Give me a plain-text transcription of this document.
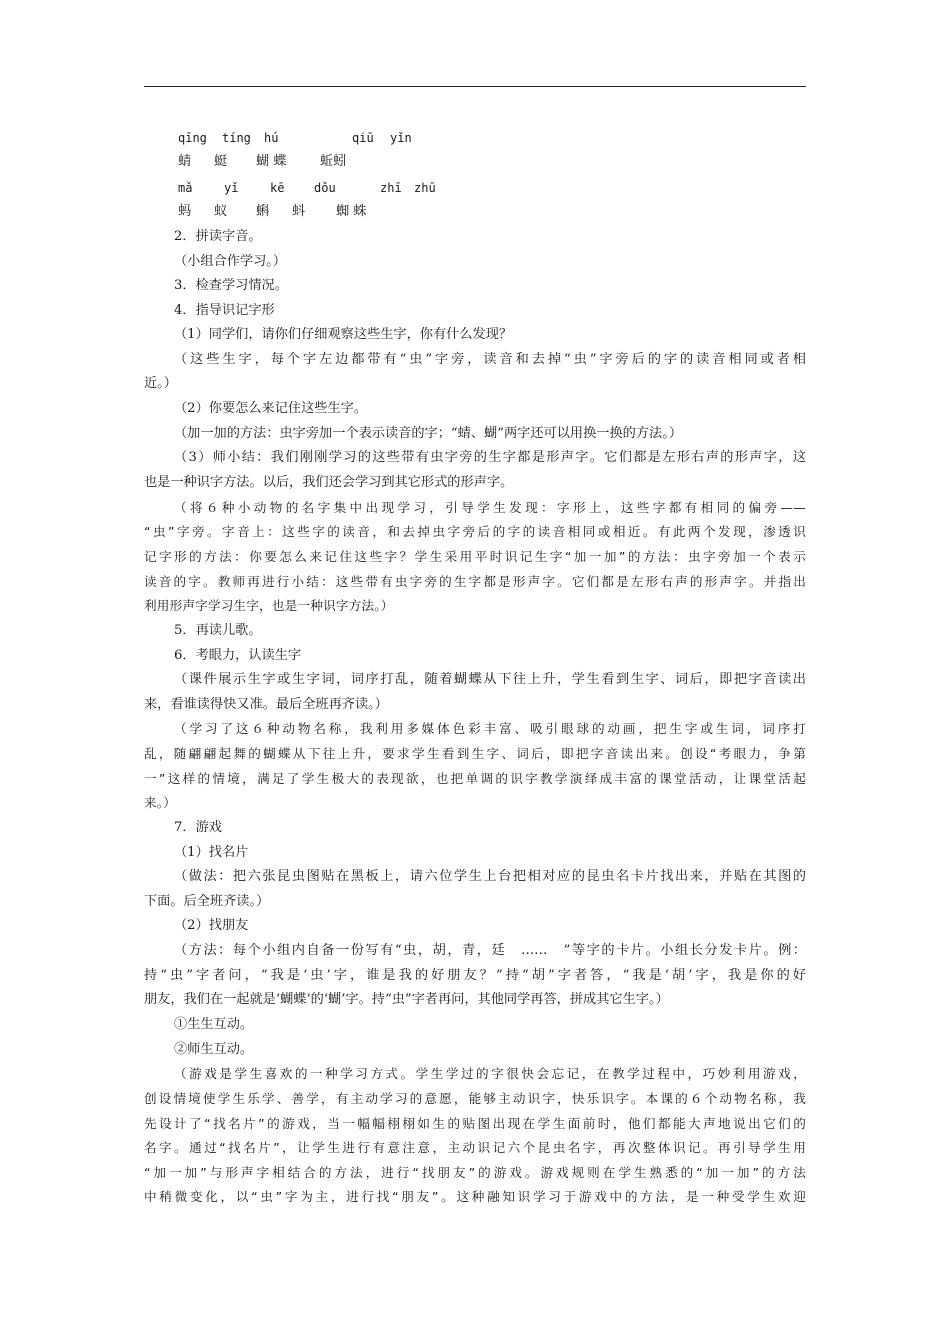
qīng tíng hú	qiū yǐn
蜻 蜓 蝴 蝶	蚯蚓
mǎ	yǐ	kē dǒu	zhī zhū
蚂 蚁 蝌 蚪 蜘 蛛
2．拼读字音。
（小组合作学习。）
3．检查学习情况。
4．指导识记字形
（1）同学们，请你们仔细观察这些生字，你有什么发现？
（这些生字，每个字左边都带有“虫”字旁，读音和去掉“虫”字旁后的字的读音相同或者相
近。）
（2）你要怎么来记住这些生字。
（加一加的方法：虫字旁加一个表示读音的字；“蜻、蝴”两字还可以用换一换的方法。）
（3）师小结：我们刚刚学习的这些带有虫字旁的生字都是形声字。它们都是左形右声的形声字，这
也是一种识字方法。以后，我们还会学习到其它形式的形声字。
（将６种小动物的名字集中出现学习，引导学生发现：字形上，这些字都有相同的偏旁——
“虫”字旁。字音上：这些字的读音，和去掉虫字旁后的字的读音相同或相近。有此两个发现，渗透识
记字形的方法：你要怎么来记住这些字？学生采用平时识记生字“加一加”的方法：虫字旁加一个表示
读音的字。教师再进行小结：这些带有虫字旁的生字都是形声字。它们都是左形右声的形声字。并指出
利用形声字学习生字，也是一种识字方法。）
5．再读儿歌。
6．考眼力，认读生字
（课件展示生字或生字词，词序打乱，随着蝴蝶从下往上升，学生看到生字、词后，即把字音读出
来，看谁读得快又准。最后全班再齐读。）
（学习了这６种动物名称，我利用多媒体色彩丰富、吸引眼球的动画，把生字或生词，词序打
乱，随翩翩起舞的蝴蝶从下往上升，要求学生看到生字、词后，即把字音读出来。创设“考眼力，争第
一”这样的情境，满足了学生极大的表现欲，也把单调的识字教学演绎成丰富的课堂活动，让课堂活起
来。）
7．游戏
（1）找名片
（做法：把六张昆虫图贴在黑板上，请六位学生上台把相对应的昆虫名卡片找出来，并贴在其图的
下面。后全班齐读。）
（2）找朋友
（方法：每个小组内自备一份写有“虫，胡，青，廷　……　”等字的卡片。小组长分发卡片。例：
持“虫”字者问，“我是‘虫’字，谁是我的好朋友？”持“胡”字者答，“我是‘胡’字，我是你的好
朋友，我们在一起就是‘蝴蝶’的‘蝴’字。持“虫”字者再问，其他同学再答，拼成其它生字。）
①生生互动。
②师生互动。
（游戏是学生喜欢的一种学习方式。学生学过的字很快会忘记，在教学过程中，巧妙利用游戏，
创设情境使学生乐学、善学，有主动学习的意愿，能够主动识字，快乐识字。本课的６个动物名称，我
先设计了“找名片”的游戏，当一幅幅栩栩如生的贴图出现在学生面前时，他们都能大声地说出它们的
名字。通过“找名片”，让学生进行有意注意，主动识记六个昆虫名字，再次整体识记。再引导学生用
“加一加”与形声字相结合的方法，进行“找朋友”的游戏。游戏规则在学生熟悉的“加一加”的方法
中稍微变化，以“虫”字为主，进行找“朋友”。这种融知识学习于游戏中的方法，是一种受学生欢迎
